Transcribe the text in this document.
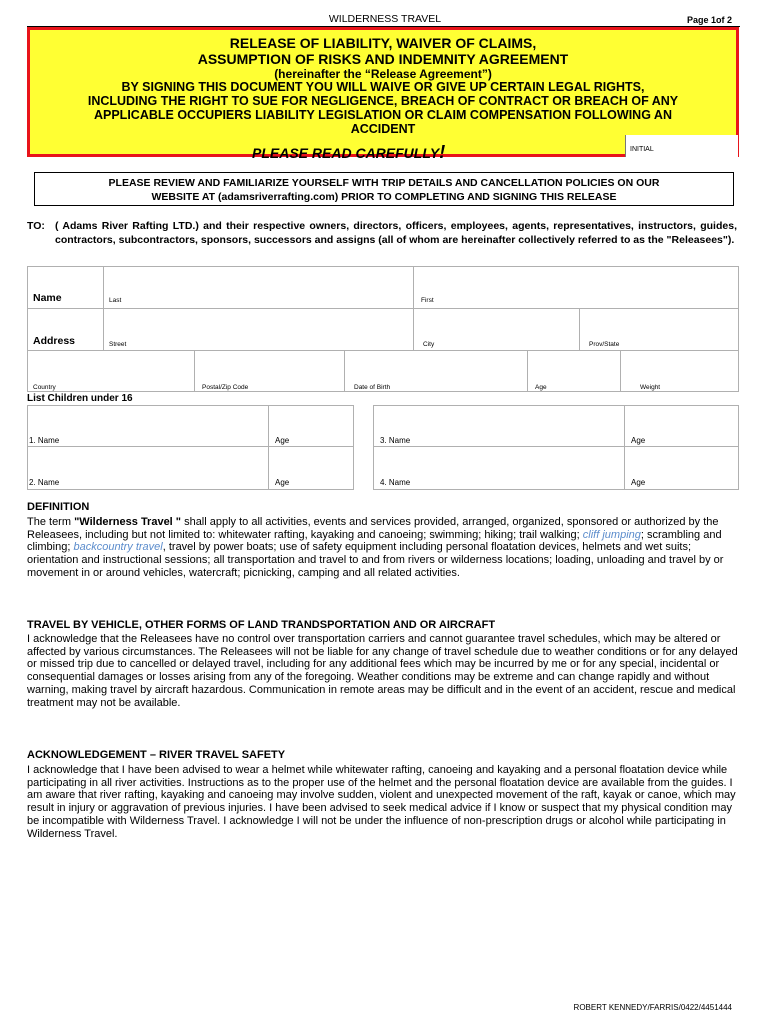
WILDERNESS TRAVEL	Page 1of 2
RELEASE OF LIABILITY, WAIVER OF CLAIMS,
ASSUMPTION OF RISKS AND INDEMNITY AGREEMENT
(hereinafter the “Release Agreement”)
BY SIGNING THIS DOCUMENT YOU WILL WAIVE OR GIVE UP CERTAIN LEGAL RIGHTS,
INCLUDING THE RIGHT TO SUE FOR NEGLIGENCE, BREACH OF CONTRACT OR BREACH OF ANY
APPLICABLE OCCUPIERS LIABILITY LEGISLATION OR CLAIM COMPENSATION FOLLOWING AN
ACCIDENT
PLEASE READ CAREFULLY!	INITIAL
PLEASE REVIEW AND FAMILIARIZE YOURSELF WITH TRIP DETAILS AND CANCELLATION POLICIES ON OUR
WEBSITE AT (adamsriverrafting.com) PRIOR TO COMPLETING AND SIGNING THIS RELEASE
TO: ( Adams River Rafting LTD.) and their respective owners, directors, officers, employees, agents, representatives, instructors, guides, contractors, subcontractors, sponsors, successors and assigns (all of whom are hereinafter collectively referred to as the "Releasees").
Name	Last	First
Address	Street	City	Prov/State
Country	Postal/Zip Code	Date of Birth	Age	Weight
List Children under 16
1. Name	Age
2. Name	Age
3. Name	Age
4. Name	Age
DEFINITION
The term "Wilderness Travel " shall apply to all activities, events and services provided, arranged, organized, sponsored or authorized by the Releasees, including but not limited to: whitewater rafting, kayaking and canoeing; swimming; hiking; trail walking; cliff jumping; scrambling and climbing; backcountry travel, travel by power boats; use of safety equipment including personal floatation devices, helmets and wet suits; orientation and instructional sessions; all transportation and travel to and from rivers or wilderness locations; loading, unloading and travel by or movement in or around vehicles, watercraft; picnicking, camping and all related activities.
TRAVEL BY VEHICLE, OTHER FORMS OF LAND TRANDSPORTATION AND OR AIRCRAFT
I acknowledge that the Releasees have no control over transportation carriers and cannot guarantee travel schedules, which may be altered or affected by various circumstances. The Releasees will not be liable for any change of travel schedule due to weather conditions or for any delayed or missed trip due to cancelled or delayed travel, including for any additional fees which may be incurred by me or for any special, incidental or consequential damages or losses arising from any of the foregoing. Weather conditions may be extreme and can change rapidly and without warning, making travel by aircraft hazardous. Communication in remote areas may be difficult and in the event of an accident, rescue and medical treatment may not be available.
ACKNOWLEDGEMENT – RIVER TRAVEL SAFETY
I acknowledge that I have been advised to wear a helmet while whitewater rafting, canoeing and kayaking and a personal floatation device while participating in all river activities. Instructions as to the proper use of the helmet and the personal floatation device are available from the guides. I am aware that river rafting, kayaking and canoeing may involve sudden, violent and unexpected movement of the raft, kayak or canoe, which may result in injury or aggravation of previous injuries. I have been advised to seek medical advice if I know or suspect that my physical condition may be incompatible with Wilderness Travel. I acknowledge I will not be under the influence of non-prescription drugs or alcohol while participating in Wilderness Travel.
ROBERT KENNEDY/FARRIS/0422/4451444
